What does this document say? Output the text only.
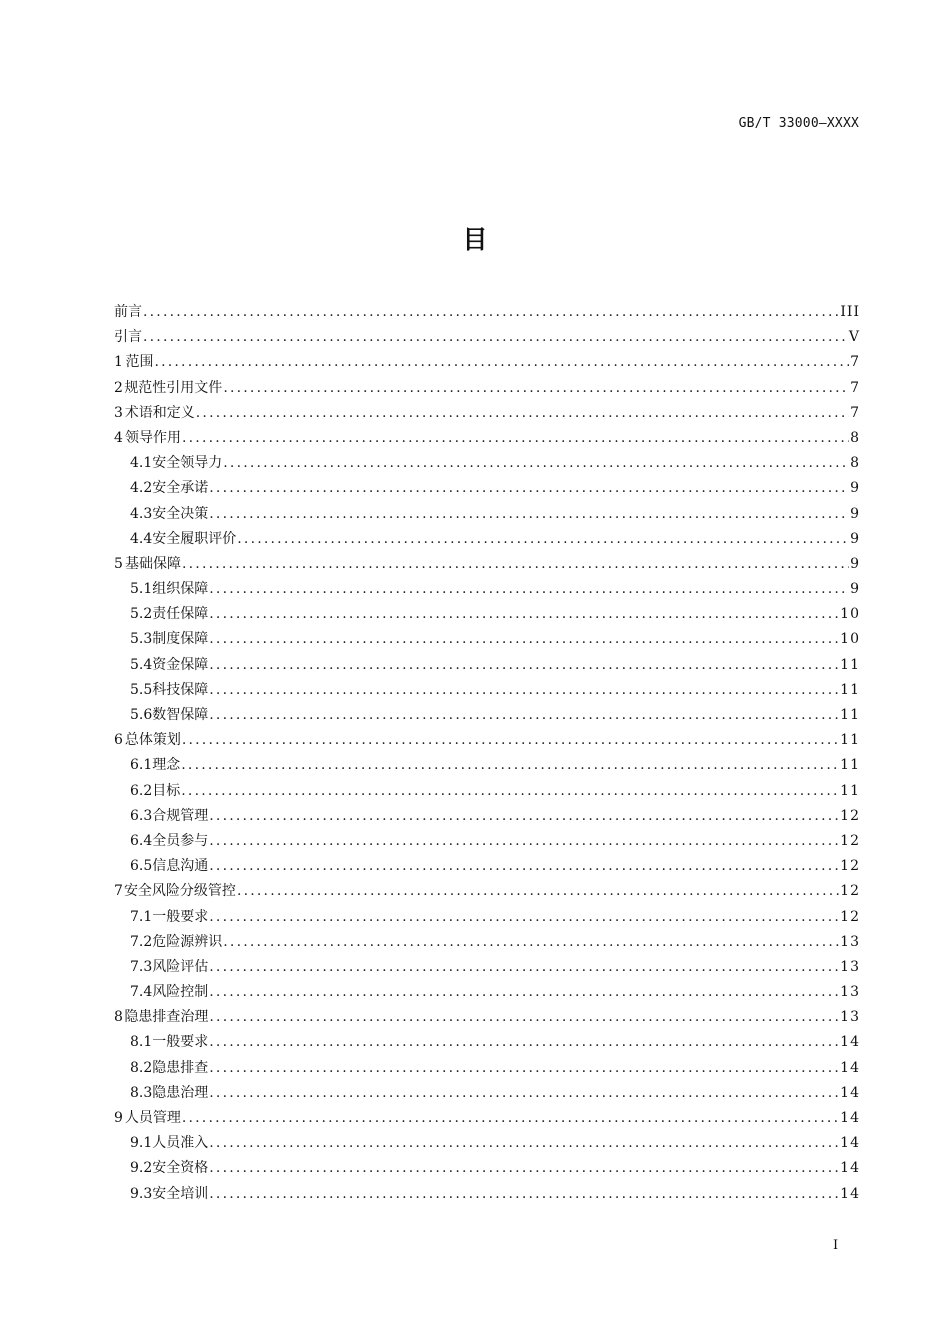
GB/T 33000—XXXX
目
前言 .....	III
引言 .....	V
1 范围 .....	7
2 规范性引用文件 .....	7
3 术语和定义 .....	7
4 领导作用 .....	8
4.1 安全领导力 .....	8
4.2 安全承诺 .....	9
4.3 安全决策 .....	9
4.4 安全履职评价 .....	9
5 基础保障 .....	9
5.1 组织保障 .....	9
5.2 责任保障 .....	10
5.3 制度保障 .....	10
5.4 资金保障 .....	11
5.5 科技保障 .....	11
5.6 数智保障 .....	11
6 总体策划 .....	11
6.1 理念 .....	11
6.2 目标 .....	11
6.3 合规管理 .....	12
6.4 全员参与 .....	12
6.5 信息沟通 .....	12
7 安全风险分级管控 .....	12
7.1 一般要求 .....	12
7.2 危险源辨识 .....	13
7.3 风险评估 .....	13
7.4 风险控制 .....	13
8 隐患排查治理 .....	13
8.1 一般要求 .....	14
8.2 隐患排查 .....	14
8.3 隐患治理 .....	14
9 人员管理 .....	14
9.1 人员准入 .....	14
9.2 安全资格 .....	14
9.3 安全培训 .....	14
I
